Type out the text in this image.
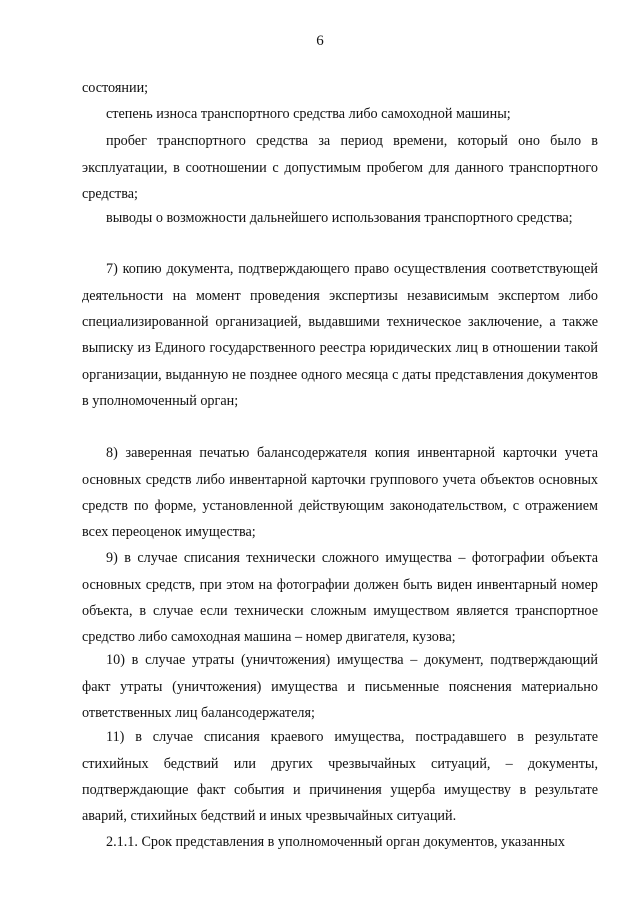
6

состоянии;

степень износа транспортного средства либо самоходной машины;

пробег транспортного средства за период времени, который оно было в эксплуатации, в соотношении с допустимым пробегом для данного транспортного средства;

выводы о возможности дальнейшего использования транспортного средства;

7) копию документа, подтверждающего право осуществления соответствующей деятельности на момент проведения экспертизы независимым экспертом либо специализированной организацией, выдавшими техническое заключение, а также выписку из Единого государственного реестра юридических лиц в отношении такой организации, выданную не позднее одного месяца с даты представления документов в уполномоченный орган;

8) заверенная печатью балансодержателя копия инвентарной карточки учета основных средств либо инвентарной карточки группового учета объектов основных средств по форме, установленной действующим законодательством, с отражением всех переоценок имущества;

9) в случае списания технически сложного имущества – фотографии объекта основных средств, при этом на фотографии должен быть виден инвентарный номер объекта, в случае если технически сложным имуществом является транспортное средство либо самоходная машина – номер двигателя, кузова;

10) в случае утраты (уничтожения) имущества – документ, подтверждающий факт утраты (уничтожения) имущества и письменные пояснения материально ответственных лиц балансодержателя;

11) в случае списания краевого имущества, пострадавшего в результате стихийных бедствий или других чрезвычайных ситуаций, – документы, подтверждающие факт события и причинения ущерба имуществу в результате аварий, стихийных бедствий и иных чрезвычайных ситуаций.

2.1.1. Срок представления в уполномоченный орган документов, указанных
